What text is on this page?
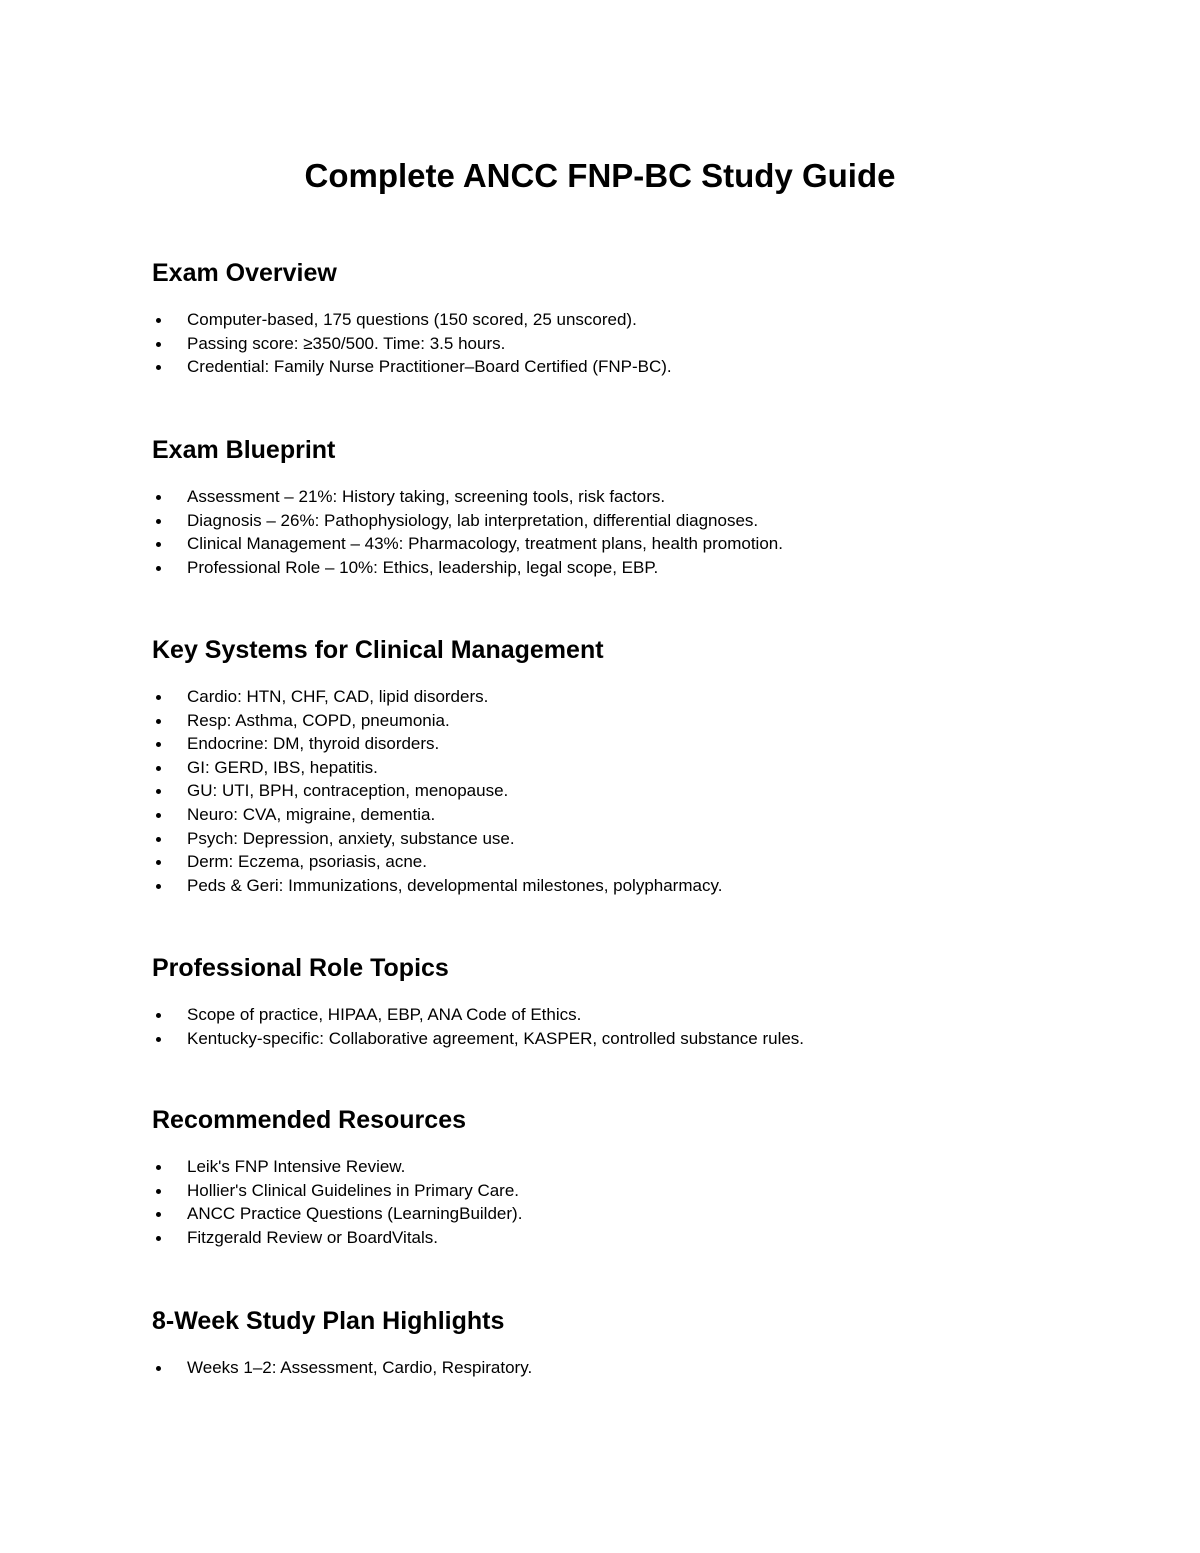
Complete ANCC FNP-BC Study Guide
Exam Overview
Computer-based, 175 questions (150 scored, 25 unscored).
Passing score: ≥350/500. Time: 3.5 hours.
Credential: Family Nurse Practitioner–Board Certified (FNP-BC).
Exam Blueprint
Assessment – 21%: History taking, screening tools, risk factors.
Diagnosis – 26%: Pathophysiology, lab interpretation, differential diagnoses.
Clinical Management – 43%: Pharmacology, treatment plans, health promotion.
Professional Role – 10%: Ethics, leadership, legal scope, EBP.
Key Systems for Clinical Management
Cardio: HTN, CHF, CAD, lipid disorders.
Resp: Asthma, COPD, pneumonia.
Endocrine: DM, thyroid disorders.
GI: GERD, IBS, hepatitis.
GU: UTI, BPH, contraception, menopause.
Neuro: CVA, migraine, dementia.
Psych: Depression, anxiety, substance use.
Derm: Eczema, psoriasis, acne.
Peds & Geri: Immunizations, developmental milestones, polypharmacy.
Professional Role Topics
Scope of practice, HIPAA, EBP, ANA Code of Ethics.
Kentucky-specific: Collaborative agreement, KASPER, controlled substance rules.
Recommended Resources
Leik's FNP Intensive Review.
Hollier's Clinical Guidelines in Primary Care.
ANCC Practice Questions (LearningBuilder).
Fitzgerald Review or BoardVitals.
8-Week Study Plan Highlights
Weeks 1–2: Assessment, Cardio, Respiratory.
